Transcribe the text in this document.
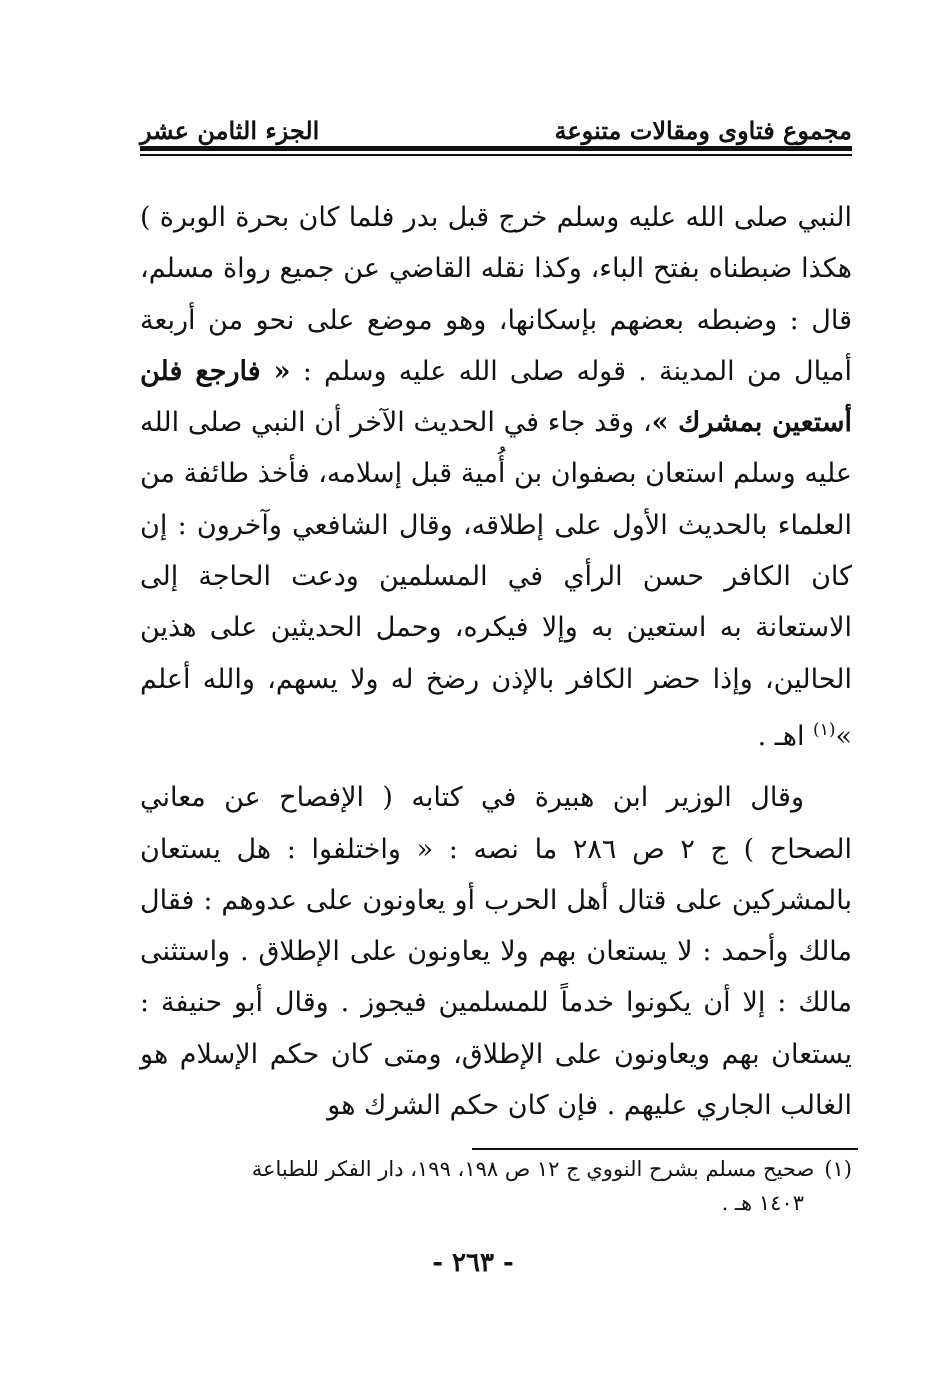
مجموع فتاوى ومقالات متنوعة
الجزء الثامن عشر

النبي صلى الله عليه وسلم خرج قبل بدر فلما كان بحرة الوبرة ) هكذا ضبطناه بفتح الباء، وكذا نقله القاضي عن جميع رواة مسلم، قال : وضبطه بعضهم بإسكانها، وهو موضع على نحو من أربعة أميال من المدينة . قوله صلى الله عليه وسلم : « فارجع فلن أستعين بمشرك »، وقد جاء في الحديث الآخر أن النبي صلى الله عليه وسلم استعان بصفوان بن أُمية قبل إسلامه، فأخذ طائفة من العلماء بالحديث الأول على إطلاقه، وقال الشافعي وآخرون : إن كان الكافر حسن الرأي في المسلمين ودعت الحاجة إلى الاستعانة به استعين به وإلا فيكره، وحمل الحديثين على هذين الحالين، وإذا حضر الكافر بالإذن رضخ له ولا يسهم، والله أعلم »$^{(١)}$ اهـ .

وقال الوزير ابن هبيرة في كتابه ( الإفصاح عن معاني الصحاح ) ج ٢ ص ٢٨٦ ما نصه : « واختلفوا : هل يستعان بالمشركين على قتال أهل الحرب أو يعاونون على عدوهم : فقال مالك وأحمد : لا يستعان بهم ولا يعاونون على الإطلاق . واستثنى مالك : إلا أن يكونوا خدماً للمسلمين فيجوز . وقال أبو حنيفة : يستعان بهم ويعاونون على الإطلاق، ومتى كان حكم الإسلام هو الغالب الجاري عليهم . فإن كان حكم الشرك هو

(١)صحيح مسلم بشرح النووي ج ١٢ ص ١٩٨، ١٩٩، دار الفكر للطباعة
١٤٠٣ هـ .
- ٢٦٣ -
